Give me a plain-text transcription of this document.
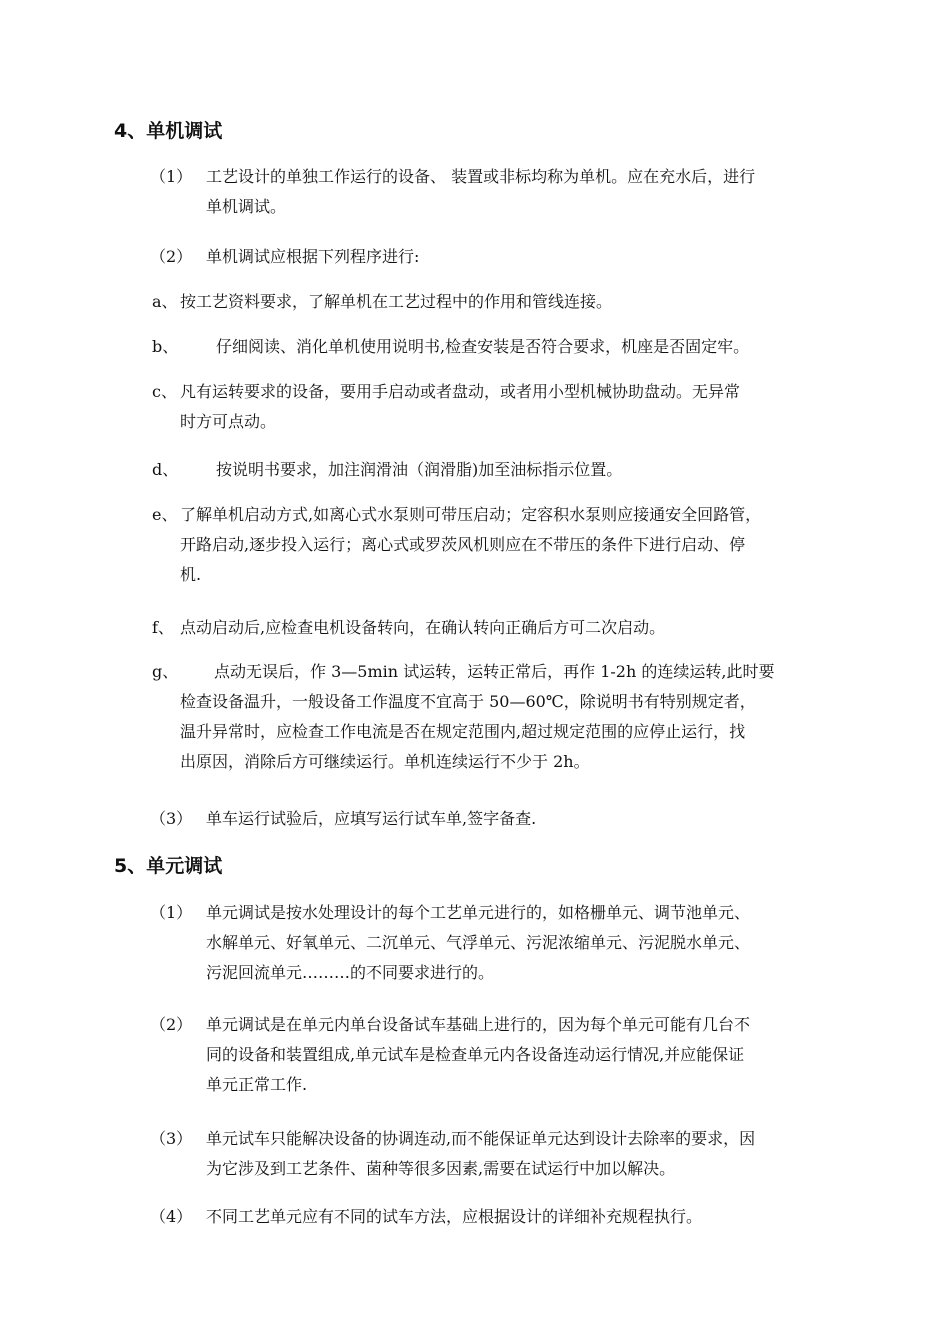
4、单机调试
（1） 工艺设计的单独工作运行的设备、 装置或非标均称为单机。应在充水后，进行
单机调试。
（2） 单机调试应根据下列程序进行:
a、 按工艺资料要求，了解单机在工艺过程中的作用和管线连接。
b、 仔细阅读、消化单机使用说明书,检查安装是否符合要求，机座是否固定牢。
c、 凡有运转要求的设备，要用手启动或者盘动，或者用小型机械协助盘动。无异常
时方可点动。
d、 按说明书要求，加注润滑油（润滑脂)加至油标指示位置。
e、 了解单机启动方式,如离心式水泵则可带压启动；定容积水泵则应接通安全回路管，
开路启动,逐步投入运行；离心式或罗茨风机则应在不带压的条件下进行启动、停
机.
f、 点动启动后,应检查电机设备转向，在确认转向正确后方可二次启动。
g、	点动无误后，作 3—5min 试运转，运转正常后，再作 1-2h 的连续运转,此时要
检查设备温升，一般设备工作温度不宜高于 50—60℃，除说明书有特别规定者，
温升异常时，应检查工作电流是否在规定范围内,超过规定范围的应停止运行，找
出原因，消除后方可继续运行。单机连续运行不少于 2h。
（3） 单车运行试验后，应填写运行试车单,签字备查.
5、单元调试
（1） 单元调试是按水处理设计的每个工艺单元进行的，如格栅单元、调节池单元、
水解单元、好氧单元、二沉单元、气浮单元、污泥浓缩单元、污泥脱水单元、
污泥回流单元………的不同要求进行的。
（2） 单元调试是在单元内单台设备试车基础上进行的，因为每个单元可能有几台不
同的设备和装置组成,单元试车是检查单元内各设备连动运行情况,并应能保证
单元正常工作.
（3） 单元试车只能解决设备的协调连动,而不能保证单元达到设计去除率的要求，因
为它涉及到工艺条件、菌种等很多因素,需要在试运行中加以解决。
（4） 不同工艺单元应有不同的试车方法，应根据设计的详细补充规程执行。
